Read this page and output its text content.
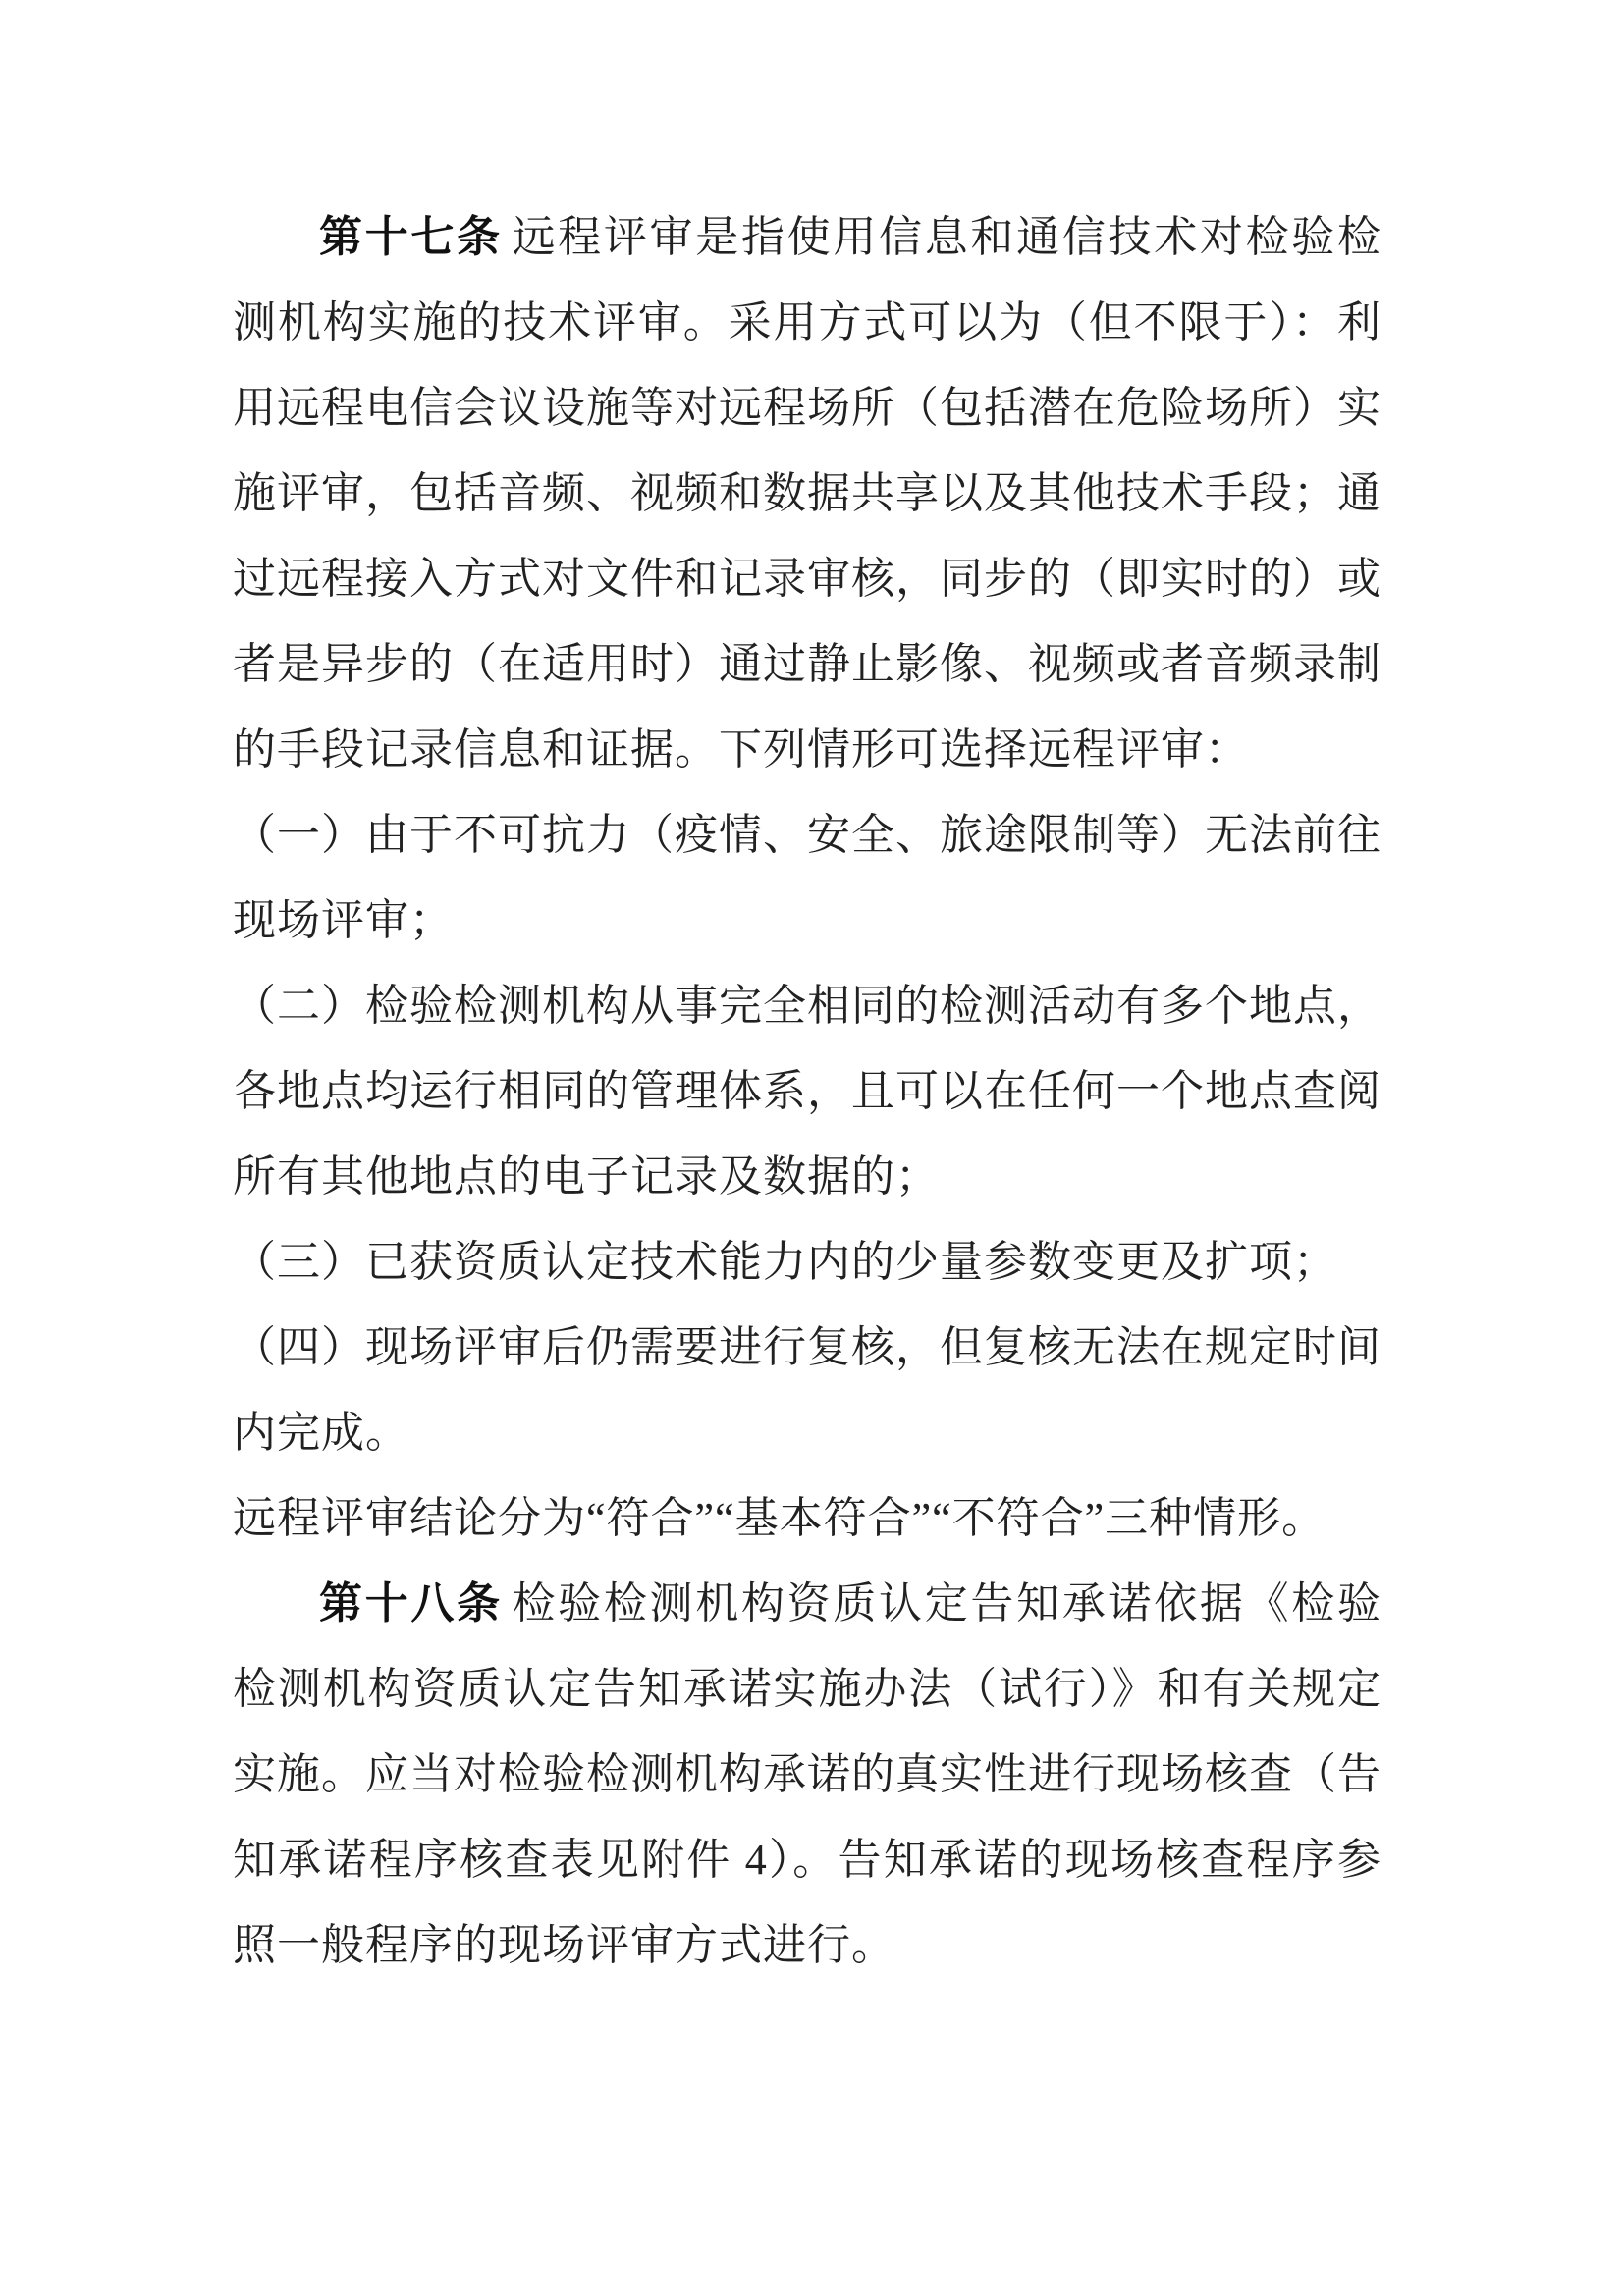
第十七条 远程评审是指使用信息和通信技术对检验检测机构实施的技术评审。采用方式可以为（但不限于）：利用远程电信会议设施等对远程场所（包括潜在危险场所）实施评审，包括音频、视频和数据共享以及其他技术手段；通过远程接入方式对文件和记录审核，同步的（即实时的）或者是异步的（在适用时）通过静止影像、视频或者音频录制的手段记录信息和证据。下列情形可选择远程评审：

（一）由于不可抗力（疫情、安全、旅途限制等）无法前往现场评审；

（二）检验检测机构从事完全相同的检测活动有多个地点，各地点均运行相同的管理体系，且可以在任何一个地点查阅所有其他地点的电子记录及数据的；

（三）已获资质认定技术能力内的少量参数变更及扩项；

（四）现场评审后仍需要进行复核，但复核无法在规定时间内完成。

远程评审结论分为“符合”“基本符合”“不符合”三种情形。

第十八条 检验检测机构资质认定告知承诺依据《检验检测机构资质认定告知承诺实施办法（试行）》和有关规定实施。应当对检验检测机构承诺的真实性进行现场核查（告知承诺程序核查表见附件 4）。告知承诺的现场核查程序参照一般程序的现场评审方式进行。
